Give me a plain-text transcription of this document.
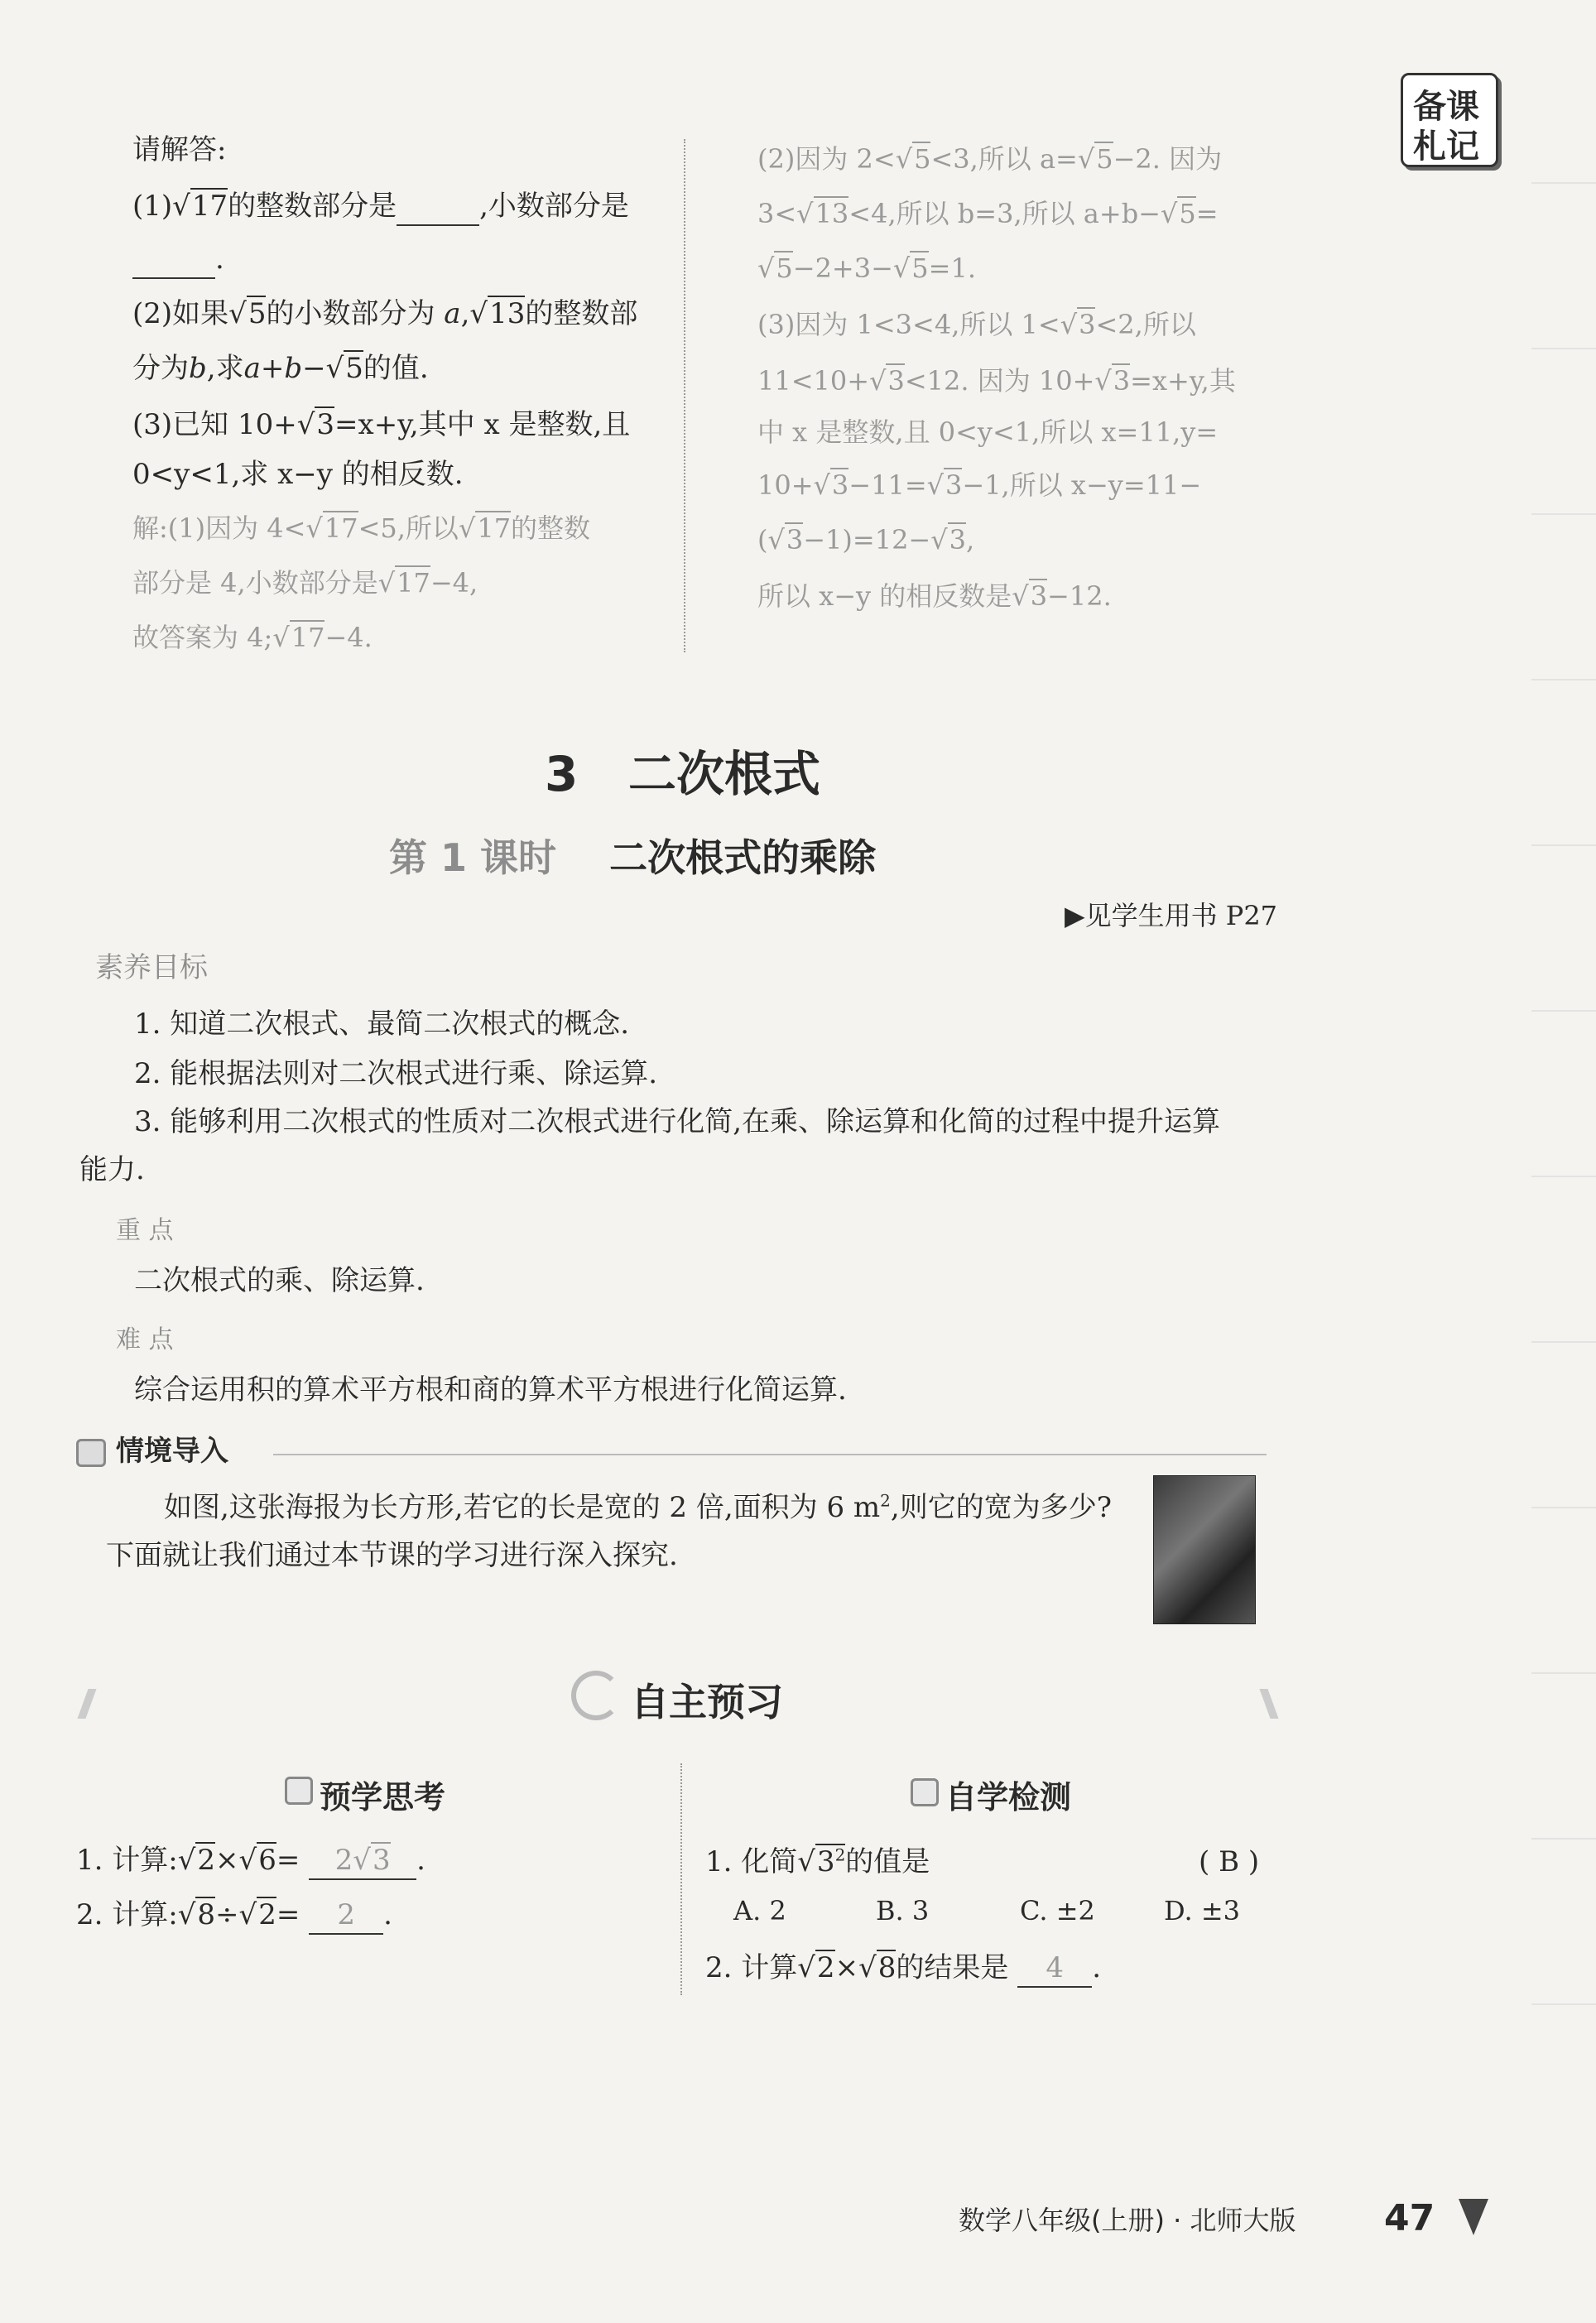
备课
札记
请解答:
(1)√17的整数部分是	,小数部分是
.
(2)如果√5的小数部分为 a,√13的整数部
分为b,求a+b−√5的值.
(3)已知 10+√3=x+y,其中 x 是整数,且
0<y<1,求 x−y 的相反数.
解:(1)因为 4<√17<5,所以√17的整数
部分是 4,小数部分是√17−4,
故答案为 4;√17−4.
(2)因为 2<√5<3,所以 a=√5−2. 因为
3<√13<4,所以 b=3,所以 a+b−√5=
√5−2+3−√5=1.
(3)因为 1<3<4,所以 1<√3<2,所以
11<10+√3<12. 因为 10+√3=x+y,其
中 x 是整数,且 0<y<1,所以 x=11,y=
10+√3−11=√3−1,所以 x−y=11−
(√3−1)=12−√3,
所以 x−y 的相反数是√3−12.
3 二次根式
第 1 课时 二次根式的乘除
▶见学生用书 P27
素养目标
1. 知道二次根式、最简二次根式的概念.
2. 能根据法则对二次根式进行乘、除运算.
3. 能够利用二次根式的性质对二次根式进行化简,在乘、除运算和化简的过程中提升运算
能力.
重 点
二次根式的乘、除运算.
难 点
综合运用积的算术平方根和商的算术平方根进行化简运算.
情境导入
如图,这张海报为长方形,若它的长是宽的 2 倍,面积为 6 $m^2$,则它的宽为多少?
下面就让我们通过本节课的学习进行深入探究.
自主预习
预学思考
1. 计算:√2×√6= 2√3 .
2. 计算:√8÷√2= 2 .
自学检测
1. 化简$√3^2$的值是	( B )
A. 2	B. 3	C. ±2	D. ±3
2. 计算√2×√8的结果是 4 .
数学八年级(上册) · 北师大版 47
